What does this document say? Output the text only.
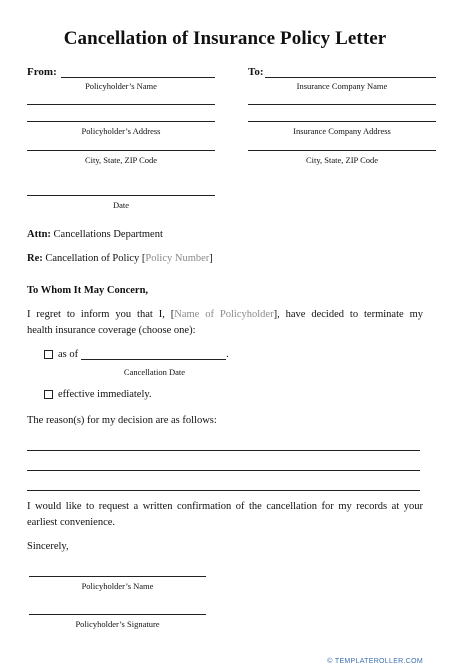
Cancellation of Insurance Policy Letter
From:
Policyholder’s Name
Policyholder’s Address
City, State, ZIP Code
Date
To:
Insurance Company Name
Insurance Company Address
City, State, ZIP Code
Attn: Cancellations Department
Re: Cancellation of Policy [Policy Number]
To Whom It May Concern,
I regret to inform you that I, [Name of Policyholder], have decided to terminate my
health insurance coverage (choose one):
as of	.
Cancellation Date
effective immediately.
The reason(s) for my decision are as follows:
I would like to request a written confirmation of the cancellation for my records at your earliest convenience.
Sincerely,
Policyholder’s Name
Policyholder’s Signature
© TEMPLATEROLLER.COM
